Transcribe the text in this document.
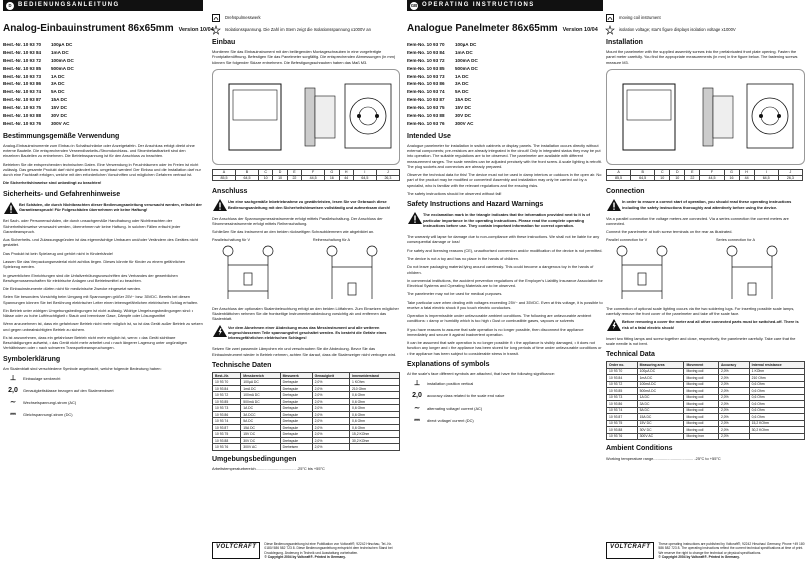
D	BEDIENUNGSANLEITUNG
Analog-Einbauinstrument 86x65mm Version 10/04
Best.-Nr. 10 93 70	100µA DC
Best.-Nr. 10 93 84	1mA DC
Best.-Nr. 10 93 72	100mA DC
Best.-Nr. 10 93 85	500mA DC
Best.-Nr. 10 93 73	1A DC
Best.-Nr. 10 93 86	3A DC
Best.-Nr. 10 93 74	5A DC
Best.-Nr. 10 93 87	15A DC
Best.-Nr. 10 93 75	15V DC
Best.-Nr. 10 93 88	30V DC
Best.-Nr. 10 93 76	300V AC
Bestimmungsgemäße Verwendung
Analog-Einbauinstrumente zum Einbau in Schaltschränke oder Anzeigetafeln. Der Anschluss erfolgt direkt ohne externe Bauteile. Die entsprechenden Verwendbarkeits-/Stromdurchlass- und Strombelastbarkeit sind den einzelnen Bauteilen zu entnehmen. Die Betriebsspannung ist für den Anschluss zu beachten.
Betrieben Sie die entsprechenden technischen Daten. Eine Verwendung in Feuchträumen oder im Freien ist nicht zulässig. Das gesamte Produkt darf nicht geändert bzw. umgebaut werden! Der Einbau und die Installation darf nur durch eine Fachkraft erfolgen, welche mit den erforderlichen Vorschriften und möglichen Gefahren vertraut ist.
Die Sicherheitshinweise sind unbedingt zu beachten!
Sicherheits- und Gefahrenhinweise
Bei Schäden, die durch Nichtbeachten dieser Bedienungsanleitung verursacht werden, erlischt der Garantieanspruch! Für Folgeschäden übernehmen wir keine Haftung!
Bei Sach- oder Personenschäden, die durch unsachgemäße Handhabung oder Nichtbeachten der Sicherheitshinweise verursacht werden, übernehmen wir keine Haftung. In solchen Fällen erlischt jeder Garantieanspruch.
Aus Sicherheits- und Zulassungsgründen ist das eigenmächtige Umbauen und/oder Verändern des Gerätes nicht gestattet.
Das Produkt ist kein Spielzeug und gehört nicht in Kinderhände!
Lassen Sie das Verpackungsmaterial nicht achtlos liegen. Dieses könnte für Kinder zu einem gefährlichen Spielzeug werden.
In gewerblichen Einrichtungen sind die Unfallverhütungsvorschriften des Verbandes der gewerblichen Berufsgenossenschaften für elektrische Anlagen und Betriebsmittel zu beachten.
Die Einbauinstrumente dürfen nicht für medizinische Zwecke eingesetzt werden.
Seien Sie besonders Vorsichtig beim Umgang mit Spannungen größer 25V~ bzw. 35VDC. Bereits bei diesen Spannungen können Sie bei Berührung elektrischer Leiter einen lebensgefährlichen elektrischen Schlag erhalten.
Ein Betrieb unter widrigen Umgebungsbedingungen ist nicht zulässig. Widrige Umgebungsbedingungen sind: • Nässe oder zu hohe Luftfeuchtigkeit • Staub und brennbare Gase, Dämpfe oder Lösungsmittel
Wenn anzunehmen ist, dass ein gefahrloser Betrieb nicht mehr möglich ist, so ist das Gerät außer Betrieb zu setzen und gegen unbeabsichtigten Betrieb zu sichern.
Es ist anzunehmen, dass ein gefahrloser Betrieb nicht mehr möglich ist, wenn: • das Gerät sichtbare Beschädigungen aufweist, • das Gerät nicht mehr arbeitet und • nach längerer Lagerung unter ungünstigen Verhältnissen oder • nach schweren Transportbeanspruchungen.
Symbolerklärung
Am Skalenblatt sind verschiedene Symbole angebracht, welche folgende Bedeutung haben:
⊥	Einbaulage senkrecht
2,0	Genauigkeitsklasse bezogen auf den Skalenendwert
∼	Wechselspannung/-strom (AC)
⎓	Gleichspannung/-strom (DC)
Drehspulmesswerk
Isolationsspannung. Die Zahl im Stern zeigt die Isolationsspannung x1000V an
Einbau
Montieren Sie das Einbauinstrument mit den beiliegenden Montageschrauben in eine vorgefertigte Frontplattenöffnung. Befestigen Sie das Panelmeter sorgfältig. Die entsprechenden Abmessungen (in mm) können Sie folgender Skizze entnehmen. Die Befestigungsschrauben haben das Maß M3.
A	B	C	D	E	F	G	H	I	J
85,5	64,5	10	10	22	44,5	16	44	64,5	26,3
Anschluss
Um eine sachgemäße Inbetriebnahme zu gewährleisten, lesen Sie vor Gebrauch diese Bedienungsanleitung mit den Sicherheitshinweisen vollständig und aufmerksam durch!
Der Anschluss der Spannungsmessinstrumente erfolgt mittels Parallelschaltung. Der Anschluss der Strommessinstrumente erfolgt mittels Reihenschaltung.
Schließen Sie das Instrument an den beiden rückseitigen Schraubklemmen wie abgebildet an.
Parallelschaltung für V	Reihenschaltung für A
Der Anschluss der optionalen Skalenbeleuchtung erfolgt an den beiden Lötfahnen. Zum Einsetzen möglicher Skalenblättchen nehmen Sie die frontseitige Instrumentenabdeckung vorsichtig ab und entfernen das Skalenblatt.
Vor dem Abnehmen einer Abdeckung muss das Messinstrument und alle weiteren angeschlossenen Teile spannungsfrei geschaltet werden. Es besteht die Gefahr eines lebensgefährlichen elektrischen Schlages!
Setzen Sie zwei passende Lämpchen ein und verschrauben Sie die Abdeckung. Bevor Sie das Einbauinstrument wieder in Betrieb nehmen, achten Sie darauf, dass die Skalenzeiger nicht verbogen wird.
Technische Daten
Best.-Nr.	Messbereich	Messwerk	Genauigkeit	Innenwiderstand
10 93 70	100µA DC	Drehspule	2,0%	1 KOhm
10 93 84	1mA DC	Drehspule	2,0%	210 Ohm
10 93 72	100mA DC	Drehspule	2,0%	0,6 Ohm
10 93 85	500mA DC	Drehspule	2,0%	0,6 Ohm
10 93 73	1A DC	Drehspule	2,0%	0,6 Ohm
10 93 86	3A DCC	Drehspule	2,0%	0,6 Ohm
10 93 74	5A DC	Drehspule	2,0%	0,6 Ohm
10 93 87	15A DC	Drehspule	2,0%	0,6 Ohm
10 93 75	15V DC	Drehspule	2,0%	15,2 KOhm
10 93 88	30V DC	Drehspule	2,0%	30,2 KOhm
10 93 76	300V AC	Dreheisen	2,0%	
Umgebungsbedingungen
Arbeitstemperaturbereich..................................... -25°C bis +55°C
VOLTCRAFT	Diese Bedienungsanleitung ist eine Publikation von Voltcraft®, 92242 Hirschau, Tel.-Nr. 0180/ 586 582 723 8. Diese Bedienungsanleitung entspricht dem technischen Stand bei Drucklegung. Änderung in Technik und Ausstattung vorbehalten.
© Copyright 2004 by Voltcraft®. Printed in Germany.
GB OPERATING INSTRUCTIONS
Analogue Panelmeter 86x65mm Version 10/04
Item-No. 10 93 70	100µA DC
Item-No. 10 93 84	1mA DC
Item-No. 10 93 72	100mA DC
Item-No. 10 93 85	500mA DC
Item-No. 10 93 73	1A DC
Item-No. 10 93 86	3A DC
Item-No. 10 93 74	5A DC
Item-No. 10 93 87	15A DC
Item-No. 10 93 75	15V DC
Item-No. 10 93 88	30V DC
Item-No. 10 93 76	300V AC
Intended Use
Analogue panelmeter for installation in switch cabinets or display panels. The installation occurs directly without external components; pre-resistors are already integrated in the circuit! Only in integrated status they may be put into operation. The suitable regulations are to be observed. The panelmeter are available with different measurement ranges. The scale needles can be adjusted precisely with the front screw. A scale lighting is retrofit. The plug sockets and connectors are already prepared.
Observe the technical data for this! The device must not be used in damp interiors or outdoors in the open air. No part of the product may be modified or converted! Assembly and installation may only be carried out by a specialist, who is familiar with the relevant regulations and the ensuing risks.
The safety instructions should be observed without fail!
Safety Instructions and Hazard Warnings
The exclamation mark in the triangle indicates that the information provided next to it is of particular importance in the operating instructions. Please read the complete operating instructions before use. They contain important information for correct operation.
The warranty will lapse for damage due to non-compliance with these instructions. We shall not be liable for any consequential damage or loss!
For safety and licensing reasons (CE), unauthorised conversion and/or modification of the device is not permitted.
The device is not a toy and has no place in the hands of children.
Do not leave packaging material lying around carelessly. This could become a dangerous toy in the hands of children.
In commercial institutions, the accident prevention regulations of the Employer's Liability Insurance Association for Electrical Systems and Operating Materials are to be observed.
The panelmeter may not be used for medical purposes.
Take particular care when dealing with voltages exceeding 25V~ and 35VDC. Even at this voltage, it is possible to receive a fatal electric shock if you touch electric conductors.
Operation is impermissible under unfavourable ambient conditions. The following are unfavourable ambient conditions: • damp or humidity which is too high • Dust or combustible gases, vapours or solvents
If you have reasons to assume that safe operation is no longer possible, then disconnect the appliance immediately and secure it against inadvertent operation.
It can be assumed that safe operation is no longer possible if: • the appliance is visibly damaged, • it does not function any longer and • the appliance has been stored for long periods of time under unfavourable conditions or • the appliance has been subject to considerable stress in transit.
Explanations of symbols
At the scale's face different symbols are attached, that have the following significance:
⊥	installation position vertical
2,0	accuracy class related to the scale end value
∼	alternating voltage/ current (AC)
⎓	direct voltage/ current (DC)
moving coil instrument
isolation voltage; star's figure displays isolation voltage x1000V
Installation
Mount the panelmeter with the supplied assembly screws into the prefabricated front plate opening. Fasten the panel meter carefully. You find the appropriate measurements (in mm) in the figure below. The fastening screws measure M3.
A	B	C	D	E	F	G	H	I	J
85,5	64,5	10	10	22	44,5	16	44	64,5	26,3
Connection
In order to ensure a correct start of operation, you should read these operating instructions including the safety instructions thoroughly and attentively before using the device.
Via a parallel connection the voltage meters are connected. Via a series connection the current meters are connected.
Connect the panelmeter at both screw terminals on the rear as illustrated.
Parallel connection for V	Series connection for A
The connection of optional scale lighting occurs via the two soldering lugs. For inserting possible scale lamps, carefully remove the front cover of the panelmeter and take off the scale face.
Before removing a cover the meter and all other connected parts must be switched-off. There is risk of a fatal electric shock!
Insert two fitting lamps and screw together and close, respectively, the panelmeter carefully. Take care that the scale needle is not bent.
Technical Data
Order no.	Measuring area	Movement	Accuracy	Internal resistance
10 93 70	100µA DC	Moving coil	2,0%	1 KOhm
10 93 84	1mA DC	Moving coil	2,0%	210 Ohm
10 93 72	100mA DC	Moving coil	2,0%	0,6 Ohm
10 93 85	500mA DC	Moving coil	2,0%	0,6 Ohm
10 93 73	1A DC	Moving coil	2,0%	0,6 Ohm
10 93 86	3A DC	Moving coil	2,0%	0,6 Ohm
10 93 74	5A DC	Moving coil	2,0%	0,6 Ohm
10 93 87	15A DC	Moving coil	2,0%	0,6 Ohm
10 93 75	15V DC	Moving coil	2,0%	15,2 KOhm
10 93 88	30V DC	Moving coil	2,0%	30,2 KOhm
10 93 76	300V AC	Moving iron	2,0%	
Ambient Conditions
Working temperature range..................................... -25°C to +55°C
VOLTCRAFT	These operating instructions are published by Voltcraft®, 92242 Hirschau/ Germany, Phone +49 180 586 582 723 8. The operating instructions reflect the current technical specifications at time of print. We reserve the right to change the technical or physical specifications.
© Copyright 2004 by Voltcraft®. Printed in Germany.
